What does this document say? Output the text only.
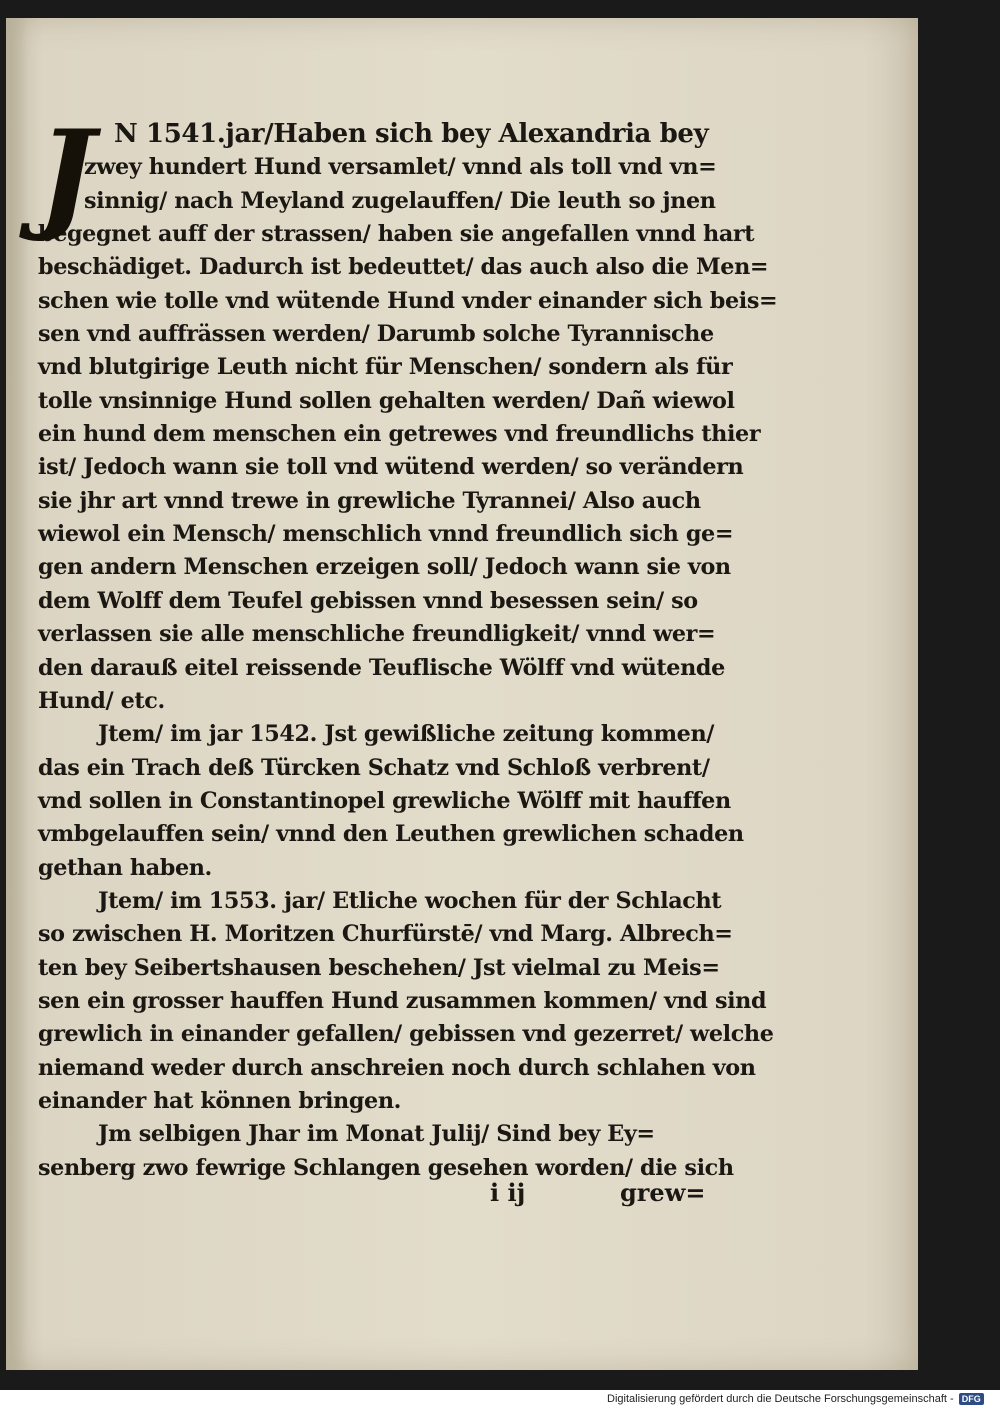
J N 1541.jar/Haben sich bey Alexandria bey
zwey hundert Hund versamlet/ vnnd als toll vnd vn=
sinnig/ nach Meyland zugelauffen/ Die leuth so jnen
begegnet auff der strassen/ haben sie angefallen vnnd hart
beschädiget. Dadurch ist bedeuttet/ das auch also die Men=
schen wie tolle vnd wütende Hund vnder einander sich beis=
sen vnd auffrässen werden/ Darumb solche Tyrannische
vnd blutgirige Leuth nicht für Menschen/ sondern als für
tolle vnsinnige Hund sollen gehalten werden/ Dañ wiewol
ein hund dem menschen ein getrewes vnd freundlichs thier
ist/ Jedoch wann sie toll vnd wütend werden/ so verändern
sie jhr art vnnd trewe in grewliche Tyrannei/ Also auch
wiewol ein Mensch/ menschlich vnnd freundlich sich ge=
gen andern Menschen erzeigen soll/ Jedoch wann sie von
dem Wolff dem Teufel gebissen vnnd besessen sein/ so
verlassen sie alle menschliche freundligkeit/ vnnd wer=
den darauß eitel reissende Teuflische Wölff vnd wütende
Hund/ etc.
Jtem/ im jar 1542. Jst gewißliche zeitung kommen/
das ein Trach deß Türcken Schatz vnd Schloß verbrent/
vnd sollen in Constantinopel grewliche Wölff mit hauffen
vmbgelauffen sein/ vnnd den Leuthen grewlichen schaden
gethan haben.
Jtem/ im 1553. jar/ Etliche wochen für der Schlacht
so zwischen H. Moritzen Churfürstē/ vnd Marg. Albrech=
ten bey Seibertshausen beschehen/ Jst vielmal zu Meis=
sen ein grosser hauffen Hund zusammen kommen/ vnd sind
grewlich in einander gefallen/ gebissen vnd gezerret/ welche
niemand weder durch anschreien noch durch schlahen von
einander hat können bringen.
Jm selbigen Jhar im Monat Julij/ Sind bey Ey=
senberg zwo fewrige Schlangen gesehen worden/ die sich
i ij	grew=
Digitalisierung gefördert durch die Deutsche Forschungsgemeinschaft - DFG
